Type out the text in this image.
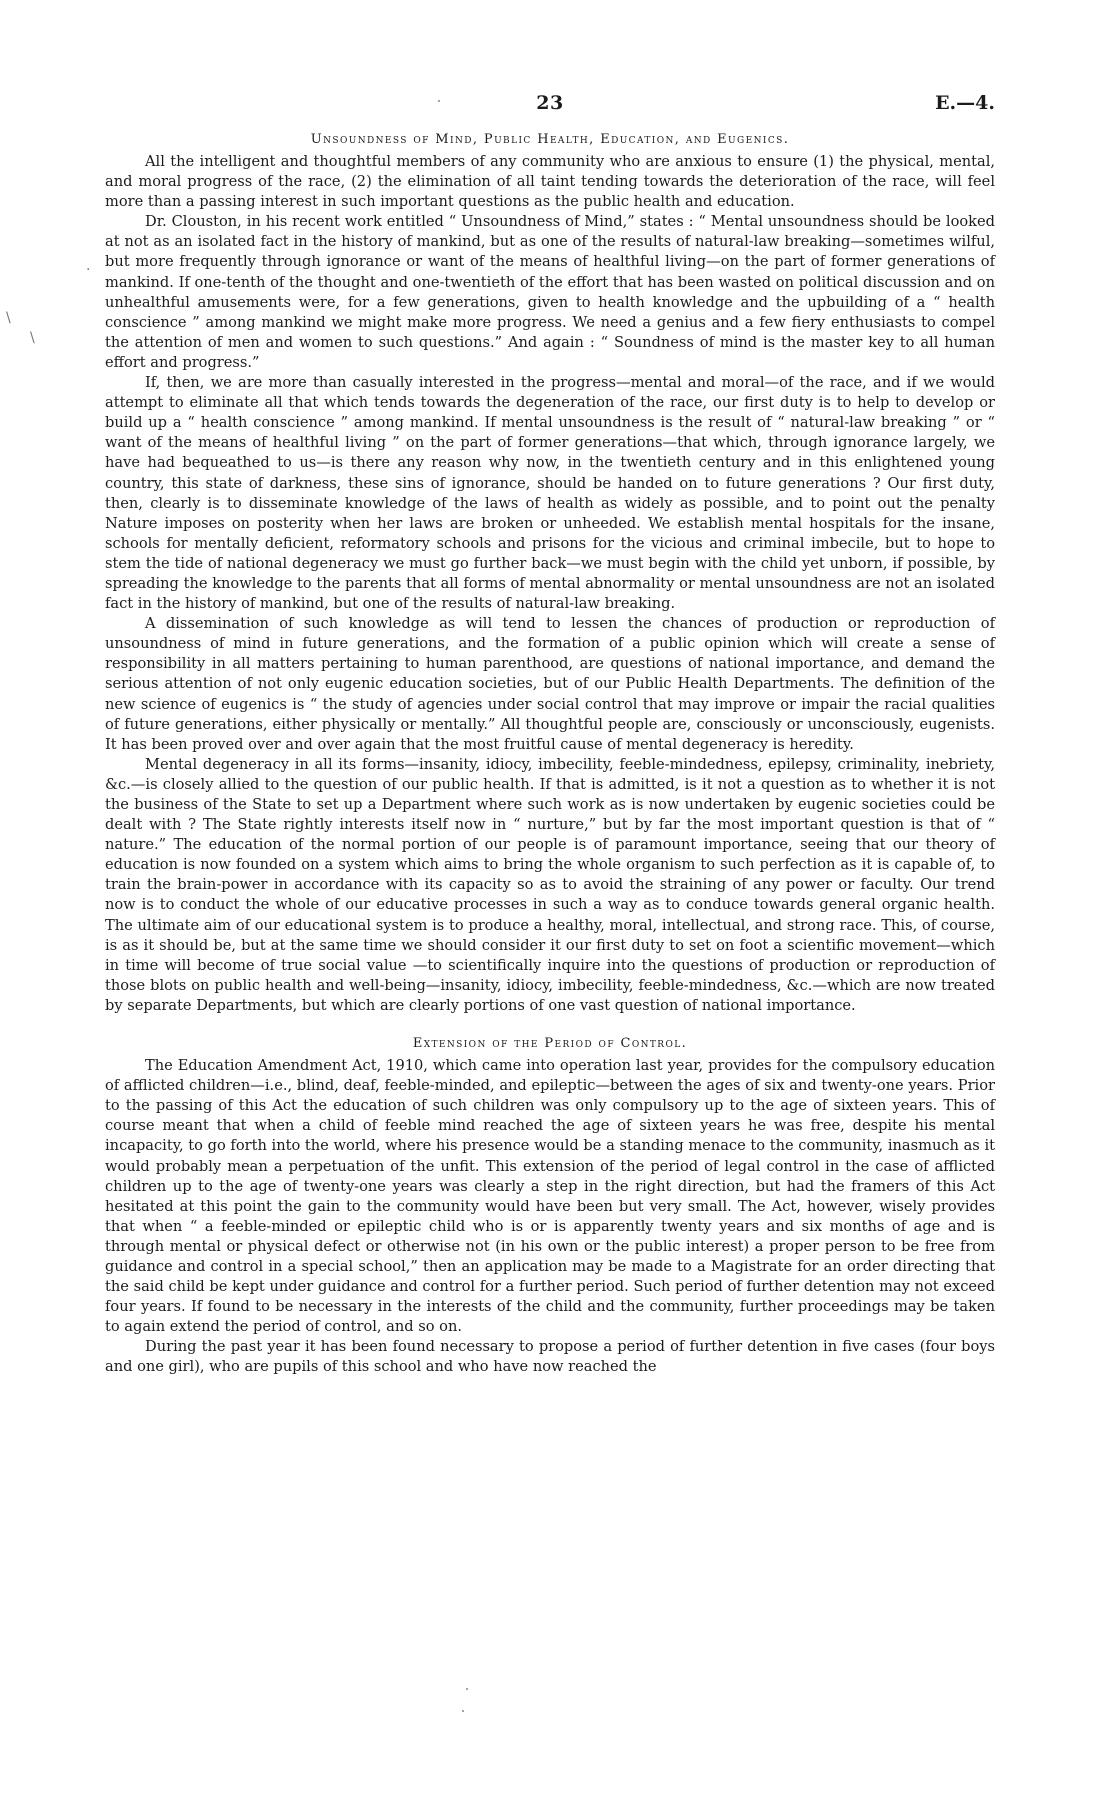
·
\
\
23	E.—4.
Unsoundness of Mind, Public Health, Education, and Eugenics.

All the intelligent and thoughtful members of any community who are anxious to ensure (1) the physical, mental, and moral progress of the race, (2) the elimination of all taint tending towards the deterioration of the race, will feel more than a passing interest in such important questions as the public health and education.

Dr. Clouston, in his recent work entitled “ Unsoundness of Mind,” states : “ Mental unsoundness should be looked at not as an isolated fact in the history of mankind, but as one of the results of natural-law breaking—sometimes wilful, but more frequently through ignorance or want of the means of healthful living—on the part of former generations of mankind. If one-tenth of the thought and one-twentieth of the effort that has been wasted on political discussion and on unhealthful amusements were, for a few generations, given to health knowledge and the upbuilding of a “ health conscience ” among mankind we might make more progress. We need a genius and a few fiery enthusiasts to compel the attention of men and women to such questions.” And again : “ Soundness of mind is the master key to all human effort and progress.”

If, then, we are more than casually interested in the progress—mental and moral—of the race, and if we would attempt to eliminate all that which tends towards the degeneration of the race, our first duty is to help to develop or build up a “ health conscience ” among mankind. If mental unsoundness is the result of “ natural-law breaking ” or “ want of the means of healthful living ” on the part of former generations—that which, through ignorance largely, we have had bequeathed to us—is there any reason why now, in the twentieth century and in this enlightened young country, this state of darkness, these sins of ignorance, should be handed on to future generations ? Our first duty, then, clearly is to disseminate knowledge of the laws of health as widely as possible, and to point out the penalty Nature imposes on posterity when her laws are broken or unheeded. We establish mental hospitals for the insane, schools for mentally deficient, reformatory schools and prisons for the vicious and criminal imbecile, but to hope to stem the tide of national degeneracy we must go further back—we must begin with the child yet unborn, if possible, by spreading the knowledge to the parents that all forms of mental abnormality or mental unsoundness are not an isolated fact in the history of mankind, but one of the results of natural-law breaking.

A dissemination of such knowledge as will tend to lessen the chances of production or reproduction of unsoundness of mind in future generations, and the formation of a public opinion which will create a sense of responsibility in all matters pertaining to human parenthood, are questions of national importance, and demand the serious attention of not only eugenic education societies, but of our Public Health Departments. The definition of the new science of eugenics is “ the study of agencies under social control that may improve or impair the racial qualities of future generations, either physically or mentally.” All thoughtful people are, consciously or unconsciously, eugenists. It has been proved over and over again that the most fruitful cause of mental degeneracy is heredity.

Mental degeneracy in all its forms—insanity, idiocy, imbecility, feeble-mindedness, epilepsy, criminality, inebriety, &c.—is closely allied to the question of our public health. If that is admitted, is it not a question as to whether it is not the business of the State to set up a Department where such work as is now undertaken by eugenic societies could be dealt with ? The State rightly interests itself now in “ nurture,” but by far the most important question is that of “ nature.” The education of the normal portion of our people is of paramount importance, seeing that our theory of education is now founded on a system which aims to bring the whole organism to such perfection as it is capable of, to train the brain-power in accordance with its capacity so as to avoid the straining of any power or faculty. Our trend now is to conduct the whole of our educative processes in such a way as to conduce towards general organic health. The ultimate aim of our educational system is to produce a healthy, moral, intellectual, and strong race. This, of course, is as it should be, but at the same time we should consider it our first duty to set on foot a scientific movement—which in time will become of true social value —to scientifically inquire into the questions of production or reproduction of those blots on public health and well-being—insanity, idiocy, imbecility, feeble-mindedness, &c.—which are now treated by separate Departments, but which are clearly portions of one vast question of national importance.

Extension of the Period of Control.

The Education Amendment Act, 1910, which came into operation last year, provides for the compulsory education of afflicted children—i.e., blind, deaf, feeble-minded, and epileptic—between the ages of six and twenty-one years. Prior to the passing of this Act the education of such children was only compulsory up to the age of sixteen years. This of course meant that when a child of feeble mind reached the age of sixteen years he was free, despite his mental incapacity, to go forth into the world, where his presence would be a standing menace to the community, inasmuch as it would probably mean a perpetuation of the unfit. This extension of the period of legal control in the case of afflicted children up to the age of twenty-one years was clearly a step in the right direction, but had the framers of this Act hesitated at this point the gain to the community would have been but very small. The Act, however, wisely provides that when “ a feeble-minded or epileptic child who is or is apparently twenty years and six months of age and is through mental or physical defect or otherwise not (in his own or the public interest) a proper person to be free from guidance and control in a special school,” then an application may be made to a Magistrate for an order directing that the said child be kept under guidance and control for a further period. Such period of further detention may not exceed four years. If found to be necessary in the interests of the child and the community, further proceedings may be taken to again extend the period of control, and so on.

During the past year it has been found necessary to propose a period of further detention in five cases (four boys and one girl), who are pupils of this school and who have now reached the
